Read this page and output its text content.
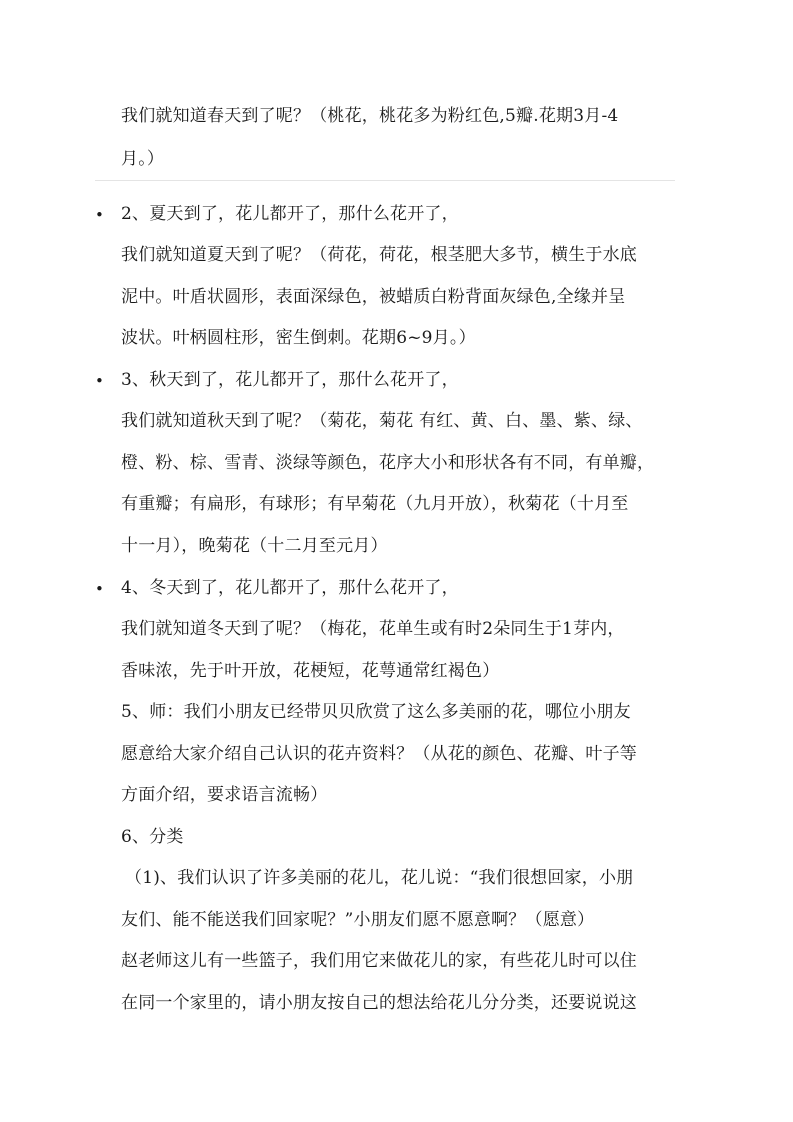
我们就知道春天到了呢？（桃花，桃花多为粉红色,5瓣.花期3月-4
月。）
• 2、夏天到了，花儿都开了，那什么花开了，
我们就知道夏天到了呢？（荷花，荷花，根茎肥大多节，横生于水底
泥中。叶盾状圆形，表面深绿色，被蜡质白粉背面灰绿色,全缘并呈
波状。叶柄圆柱形，密生倒刺。花期6~9月。）
• 3、秋天到了，花儿都开了，那什么花开了，
我们就知道秋天到了呢？（菊花，菊花 有红、黄、白、墨、紫、绿、
橙、粉、棕、雪青、淡绿等颜色，花序大小和形状各有不同，有单瓣，
有重瓣；有扁形，有球形；有早菊花（九月开放），秋菊花（十月至
十一月），晚菊花（十二月至元月）
• 4、冬天到了，花儿都开了，那什么花开了，
我们就知道冬天到了呢？（梅花，花单生或有时2朵同生于1芽内，
香味浓，先于叶开放，花梗短，花萼通常红褐色）
5、师：我们小朋友已经带贝贝欣赏了这么多美丽的花，哪位小朋友
愿意给大家介绍自己认识的花卉资料？（从花的颜色、花瓣、叶子等
方面介绍，要求语言流畅）
6、分类
（1)、我们认识了许多美丽的花儿，花儿说：“我们很想回家，小朋
友们、能不能送我们回家呢？”小朋友们愿不愿意啊？（愿意）
赵老师这儿有一些篮子，我们用它来做花儿的家，有些花儿时可以住
在同一个家里的，请小朋友按自己的想法给花儿分分类，还要说说这
